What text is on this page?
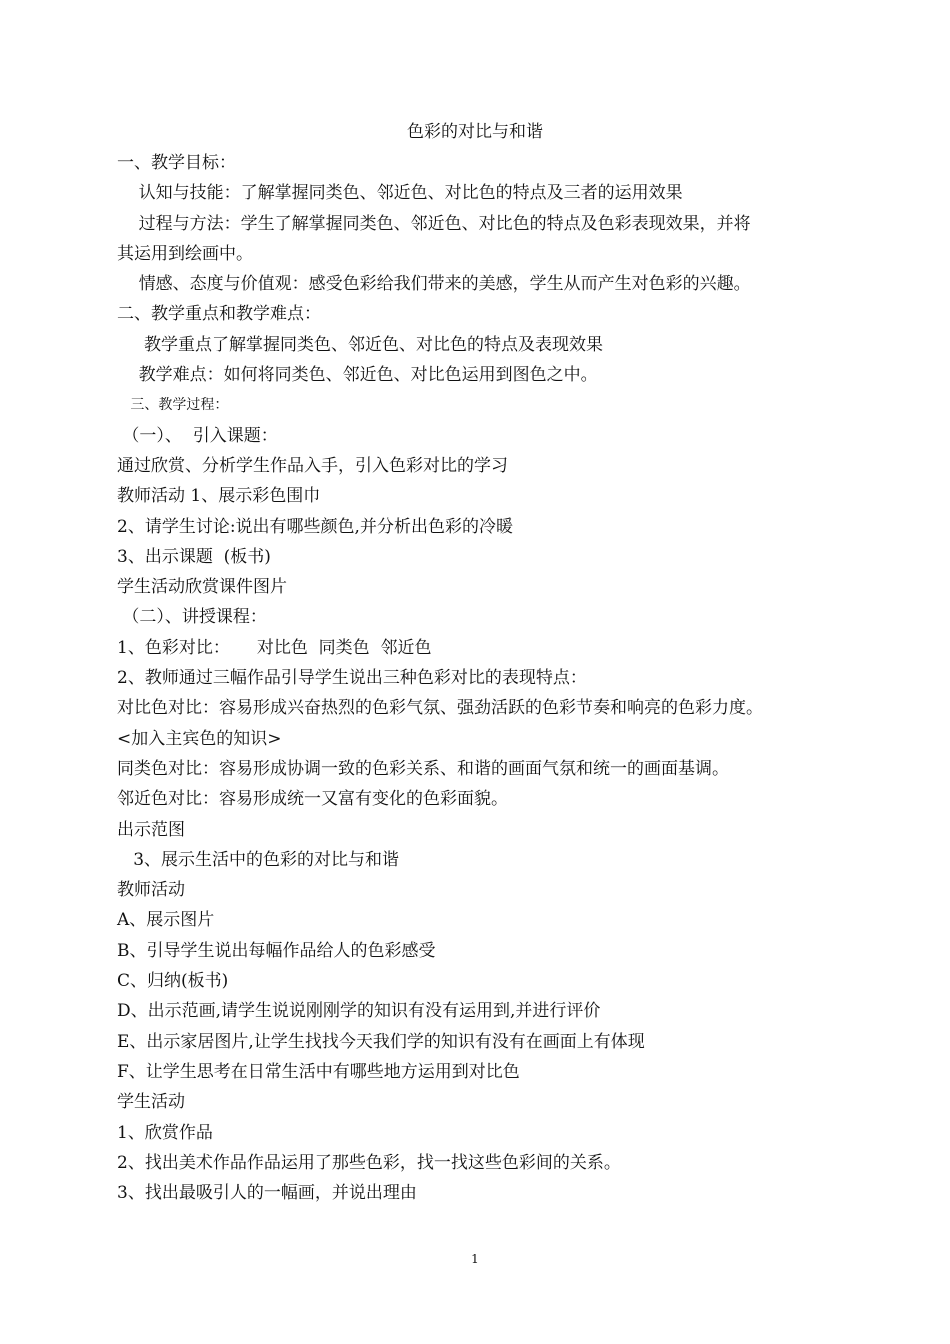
色彩的对比与和谐
一、教学目标：
认知与技能：了解掌握同类色、邻近色、对比色的特点及三者的运用效果
过程与方法：学生了解掌握同类色、邻近色、对比色的特点及色彩表现效果，并将
其运用到绘画中。
情感、态度与价值观：感受色彩给我们带来的美感，学生从而产生对色彩的兴趣。
二、教学重点和教学难点：
教学重点了解掌握同类色、邻近色、对比色的特点及表现效果
教学难点：如何将同类色、邻近色、对比色运用到图色之中。
三、教学过程：
（一）、  引入课题：
通过欣赏、分析学生作品入手，引入色彩对比的学习
教师活动 1、展示彩色围巾
2、请学生讨论:说出有哪些颜色,并分析出色彩的冷暖
3、出示课题  (板书)
学生活动欣赏课件图片
（二）、讲授课程：
1、色彩对比：     对比色  同类色  邻近色
2、教师通过三幅作品引导学生说出三种色彩对比的表现特点：
对比色对比：容易形成兴奋热烈的色彩气氛、强劲活跃的色彩节奏和响亮的色彩力度。
<加入主宾色的知识>
同类色对比：容易形成协调一致的色彩关系、和谐的画面气氛和统一的画面基调。
邻近色对比：容易形成统一又富有变化的色彩面貌。
出示范图
3、展示生活中的色彩的对比与和谐
教师活动
A、展示图片
B、引导学生说出每幅作品给人的色彩感受
C、归纳(板书)
D、出示范画,请学生说说刚刚学的知识有没有运用到,并进行评价
E、出示家居图片,让学生找找今天我们学的知识有没有在画面上有体现
F、让学生思考在日常生活中有哪些地方运用到对比色
学生活动
1、欣赏作品
2、找出美术作品作品运用了那些色彩，找一找这些色彩间的关系。
3、找出最吸引人的一幅画，并说出理由
1
